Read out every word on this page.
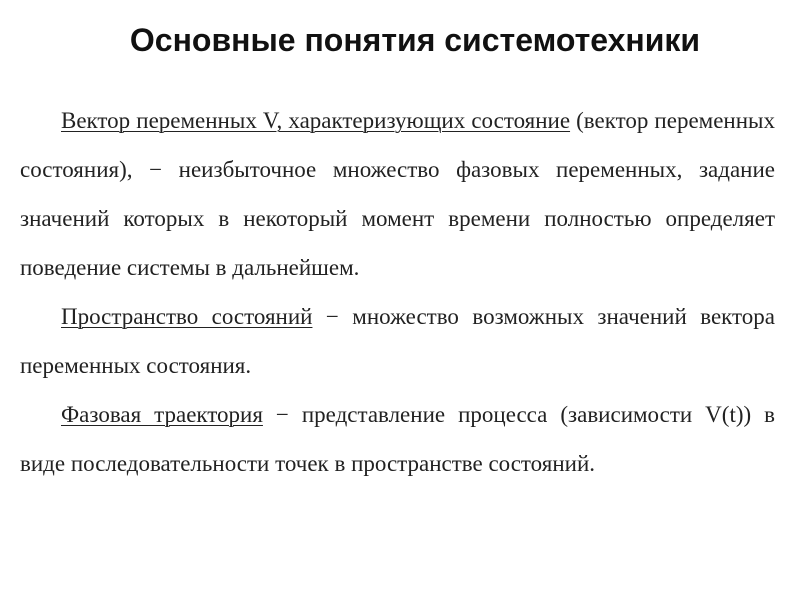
Основные понятия системотехники

Вектор переменных V, характеризующих состояние (вектор переменных состояния), − неизбыточное множество фазовых переменных, задание значений которых в некоторый момент времени полностью определяет поведение системы в дальнейшем.

Пространство состояний − множество возможных значений вектора переменных состояния.

Фазовая траектория − представление процесса (зависимости V(t)) в виде последовательности точек в пространстве состояний.
